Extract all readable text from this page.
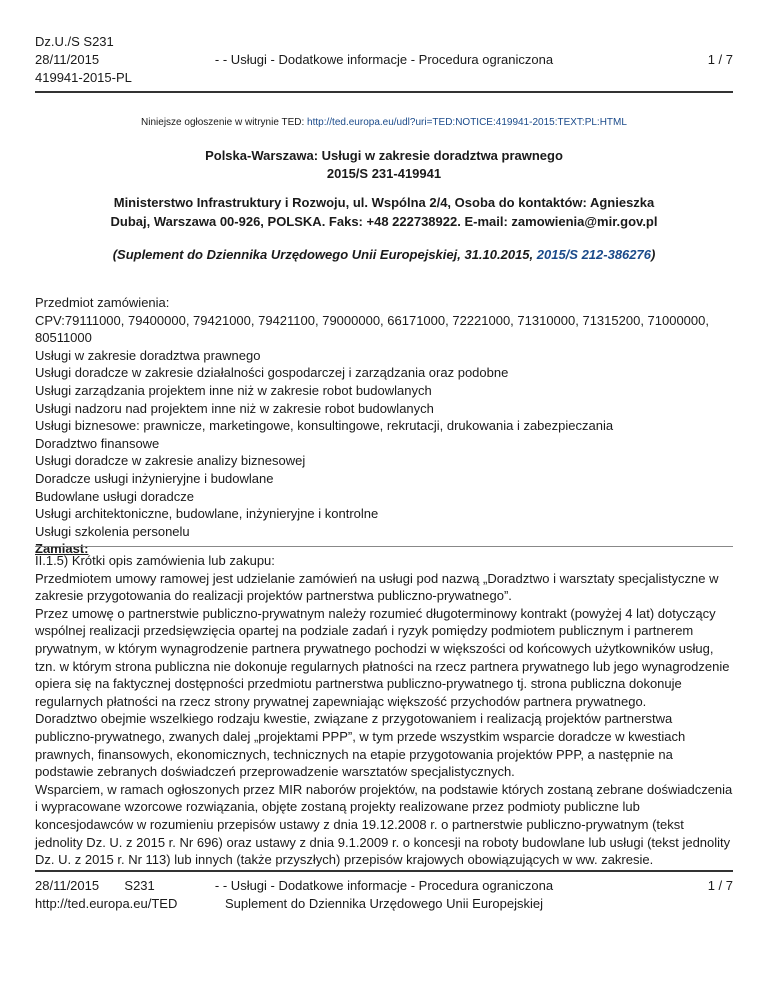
Dz.U./S S231
28/11/2015
419941-2015-PL
- - Usługi - Dodatkowe informacje - Procedura ograniczona	1 / 7
Niniejsze ogłoszenie w witrynie TED: http://ted.europa.eu/udl?uri=TED:NOTICE:419941-2015:TEXT:PL:HTML
Polska-Warszawa: Usługi w zakresie doradztwa prawnego
2015/S 231-419941
Ministerstwo Infrastruktury i Rozwoju, ul. Wspólna 2/4, Osoba do kontaktów: Agnieszka
Dubaj, Warszawa 00-926, POLSKA. Faks: +48 222738922. E-mail: zamowienia@mir.gov.pl
(Suplement do Dziennika Urzędowego Unii Europejskiej, 31.10.2015, 2015/S 212-386276)
Przedmiot zamówienia:
CPV:79111000, 79400000, 79421000, 79421100, 79000000, 66171000, 72221000, 71310000, 71315200, 71000000, 80511000
Usługi w zakresie doradztwa prawnego
Usługi doradcze w zakresie działalności gospodarczej i zarządzania oraz podobne
Usługi zarządzania projektem inne niż w zakresie robot budowlanych
Usługi nadzoru nad projektem inne niż w zakresie robot budowlanych
Usługi biznesowe: prawnicze, marketingowe, konsultingowe, rekrutacji, drukowania i zabezpieczania
Doradztwo finansowe
Usługi doradcze w zakresie analizy biznesowej
Doradcze usługi inżynieryjne i budowlane
Budowlane usługi doradcze
Usługi architektoniczne, budowlane, inżynieryjne i kontrolne
Usługi szkolenia personelu
Zamiast:

II.1.5) Krótki opis zamówienia lub zakupu:

Przedmiotem umowy ramowej jest udzielanie zamówień na usługi pod nazwą „Doradztwo i warsztaty specjalistyczne w zakresie przygotowania do realizacji projektów partnerstwa publiczno-prywatnego”.

Przez umowę o partnerstwie publiczno-prywatnym należy rozumieć długoterminowy kontrakt (powyżej 4 lat) dotyczący wspólnej realizacji przedsięwzięcia opartej na podziale zadań i ryzyk pomiędzy podmiotem publicznym i partnerem prywatnym, w którym wynagrodzenie partnera prywatnego pochodzi w większości od końcowych użytkowników usług, tzn. w którym strona publiczna nie dokonuje regularnych płatności na rzecz partnera prywatnego lub jego wynagrodzenie opiera się na faktycznej dostępności przedmiotu partnerstwa publiczno-prywatnego tj. strona publiczna dokonuje regularnych płatności na rzecz strony prywatnej zapewniając większość przychodów partnera prywatnego.

Doradztwo obejmie wszelkiego rodzaju kwestie, związane z przygotowaniem i realizacją projektów partnerstwa publiczno-prywatnego, zwanych dalej „projektami PPP”, w tym przede wszystkim wsparcie doradcze w kwestiach prawnych, finansowych, ekonomicznych, technicznych na etapie przygotowania projektów PPP, a następnie na podstawie zebranych doświadczeń przeprowadzenie warsztatów specjalistycznych.

Wsparciem, w ramach ogłoszonych przez MIR naborów projektów, na podstawie których zostaną zebrane doświadczenia i wypracowane wzorcowe rozwiązania, objęte zostaną projekty realizowane przez podmioty publiczne lub koncesjodawców w rozumieniu przepisów ustawy z dnia 19.12.2008 r. o partnerstwie publiczno-prywatnym (tekst jednolity Dz. U. z 2015 r. Nr 696) oraz ustawy z dnia 9.1.2009 r. o koncesji na roboty budowlane lub usługi (tekst jednolity Dz. U. z 2015 r. Nr 113) lub innych (także przyszłych) przepisów krajowych obowiązujących w ww. zakresie.

28/11/2015 S231
http://ted.europa.eu/TED
- - Usługi - Dodatkowe informacje - Procedura ograniczona
Suplement do Dziennika Urzędowego Unii Europejskiej
1 / 7
